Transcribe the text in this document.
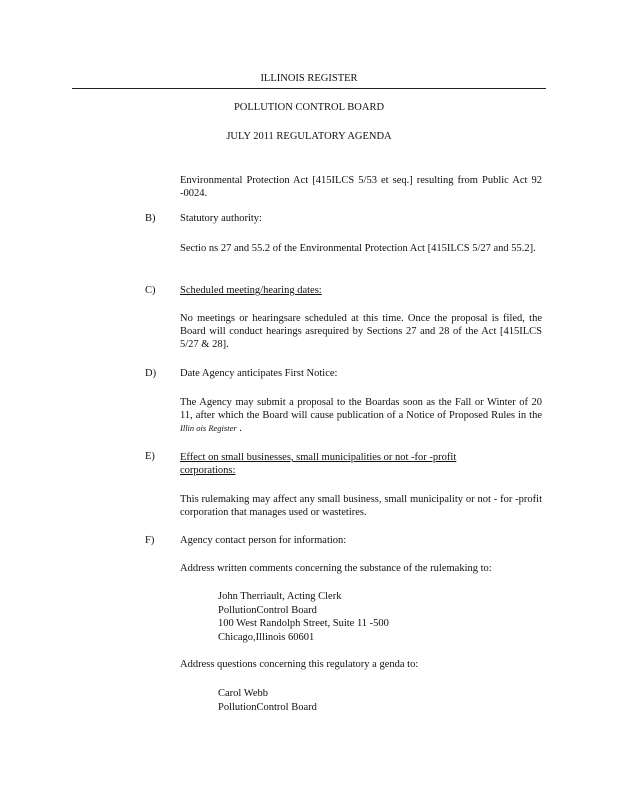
ILLINOIS REGISTER
POLLUTION CONTROL BOARD
JULY 2011 REGULATORY AGENDA
Environmental Protection Act [415ILCS 5/53 et seq.] resulting from Public Act 92 -0024.
B) Statutory authority:
Sectio ns 27 and 55.2 of the Environmental Protection Act [415ILCS 5/27 and 55.2].
C) Scheduled meeting/hearing dates:
No meetings or hearingsare scheduled at this time. Once the proposal is filed, the Board will conduct hearings asrequired by Sections 27 and 28 of the Act [415ILCS 5/27 & 28].
D) Date Agency anticipates First Notice:
The Agency may submit a proposal to the Boardas soon as the Fall or Winter of 20 11, after which the Board will cause publication of a Notice of Proposed Rules in the Illin ois Register .
E) Effect on small businesses, small municipalities or not -for -profit corporations:
This rulemaking may affect any small business, small municipality or not - for -profit corporation that manages used or wastetires.
F) Agency contact person for information:
Address written comments concerning the substance of the rulemaking to:
John Therriault, Acting Clerk
PollutionControl Board
100 West Randolph Street, Suite 11 -500
Chicago,Illinois 60601
Address questions concerning this regulatory a genda to:
Carol Webb
PollutionControl Board
